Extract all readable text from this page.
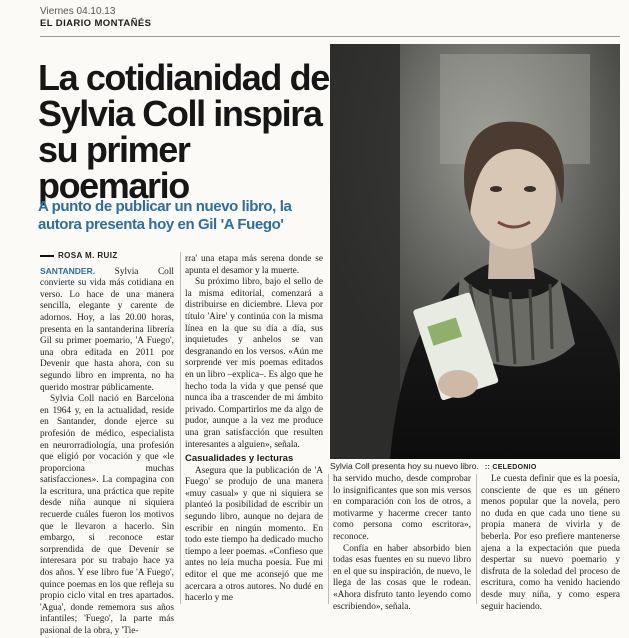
Viernes 04.10.13
EL DIARIO MONTAÑÉS
La cotidianidad de Sylvia Coll inspira su primer poemario
A punto de publicar un nuevo libro, la autora presenta hoy en Gil 'A Fuego'
Sylvia Coll presenta hoy su nuevo libro. :: CELEDONIO
ROSA M. RUIZ

SANTANDER. Sylvia Coll convierte su vida más cotidiana en verso. Lo hace de una manera sencilla, elegante y carente de adornos. Hoy, a las 20.00 horas, presenta en la santanderina librería Gil su primer poemario, 'A Fuego', una obra editada en 2011 por Devenir que hasta ahora, con su segundo libro en imprenta, no ha querido mostrar públicamente.

Sylvia Coll nació en Barcelona en 1964 y, en la actualidad, reside en Santander, donde ejerce su profesión de médico, especialista en neurorradiología, una profesión que eligió por vocación y que «le proporciona muchas satisfacciones». La compagina con la escritura, una práctica que repite desde niña aunque ni siquiera recuerde cuáles fueron los motivos que le llevaron a hacerlo. Sin embargo, si reconoce estar sorprendida de que Devenir se interesara por su trabajo hace ya dos años. Y ese libro fue 'A Fuego', quince poemas en los que refleja su propio ciclo vital en tres apartados. 'Agua', donde rememora sus años infantiles; 'Fuego', la parte más pasional de la obra, y 'Tie-

rra' una etapa más serena donde se apunta el desamor y la muerte.

Su próximo libro, bajo el sello de la misma editorial, comenzará a distribuirse en diciembre. Lleva por título 'Aire' y continúa con la misma línea en la que su día a día, sus inquietudes y anhelos se van desgranando en los versos. «Aún me sorprende ver mis poemas editados en un libro –explica–. Es algo que he hecho toda la vida y que pensé que nunca iba a trascender de mi ámbito privado. Compartirlos me da algo de pudor, aunque a la vez me produce una gran satisfacción que resulten interesantes a alguien», señala.

Casualidades y lecturas

Asegura que la publicación de 'A Fuego' se produjo de una manera «muy casual» y que ni siquiera se planteó la posibilidad de escribir un segundo libro, aunque no dejara de escribir en ningún momento. En todo este tiempo ha dedicado mucho tiempo a leer poemas. «Confieso que antes no leía mucha poesía. Fue mi editor el que me aconsejó que me acercara a otros autores. No dudé en hacerlo y me

ha servido mucho, desde comprobar lo insignificantes que son mis versos en comparación con los de otros, a motivarme y hacerme crecer tanto como persona como escritora», reconoce.

Confía en haber absorbido bien todas esas fuentes en su nuevo libro en el que su inspiración, de nuevo, le llega de las cosas que le rodean. «Ahora disfruto tanto leyendo como escribiendo», señala.

Le cuesta definir que es la poesía, consciente de que es un género menos popular que la novela, pero no duda en que cada uno tiene su propia manera de vivirla y de beberla. Por eso prefiere mantenerse ajena a la expectación que pueda despertar su nuevo poemario y disfruta de la soledad del proceso de escritura, como ha venido haciendo desde muy niña, y como espera seguir haciendo.
